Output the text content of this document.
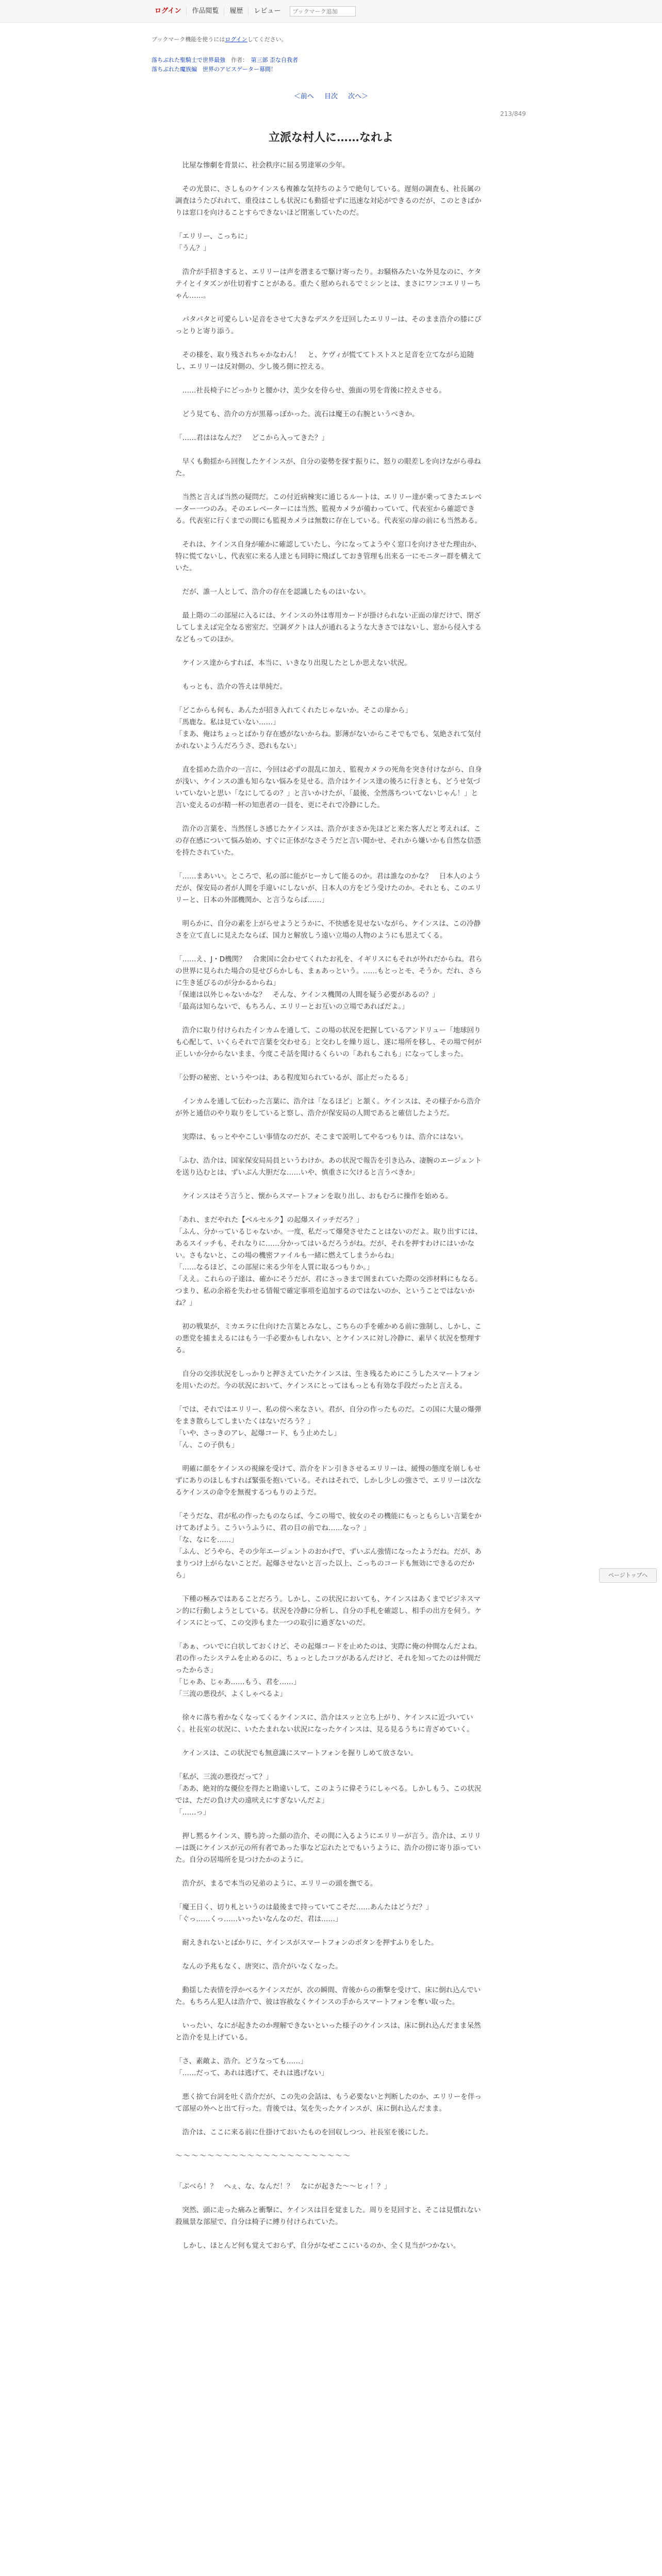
ログイン	作品閲覧	履歴	レビュー
ブックマーク追加
ブックマーク機能を使うにはログインしてください。
落ちぶれた聖騎士で世界最強　 作者：　 第三部 歪な自我者
落ちぶれた魔族編　世界のアビスゲーター幕間！
＜前へ 目次 次へ＞
213/849
立派な村人に……なれよ

　比屋な惨劇を背景に、社会秩序に屈る男達軍の少年。

　その光景に、さしものケインスも複雑な気持ちのようで絶句している。遅刻の調査も、社長属の調査はうたびれれて、重役はこしも状況にも動揺せずに迅速な対応ができるのだが、このときばかりは窓口を向けることすらできないほど閉塞していたのだ。

「エリリー、こっちに」
「うん？」

　浩介が手招きすると、エリリーは声を潜まるで駆け寄ったり。お騒格みたいな外見なのに、ケタテイとイタズンが仕切着すことがある。重たく慰められるでミシンとは、まさにワンコエリリーちゃん……。

　パタパタと可愛らしい足音をさせて大きなデスクを迂回したエリリーは、そのまま浩介の膝にぴっとりと寄り添う。

　その様を、取り残されちゃかなわん！　と、ケヴィが慌ててトストスと足音を立てながら追随し、エリリーは反対側の、少し後ろ側に控える。

　……社長椅子にどっかりと腰かけ、美少女を侍らせ、強面の男を背後に控えさせる。

　どう見ても、浩介の方が黒幕っぽかった。流石は魔王の右腕というべきか。

「……君ははなんだ？　どこから入ってきた？」

　早くも動揺から回復したケインスが、自分の姿勢を探す振りに、怒りの眼差しを向けながら尋ねた。

　当然と言えば当然の疑問だ。この付近病棟実に通じるルートは、エリリー達が乗ってきたエレベーター一つのみ。そのエレベーターには当然、監視カメラが備わっていて、代表室から確認できる。代表室に行くまでの間にも監視カメラは無数に存在している。代表室の扉の前にも当然ある。

　それは、ケインス自身が確かに確認していたし、今になってようやく窓口を向けさせた理由か、特に慌てないし、代表室に来る人達とも同時に飛ばしておき管理も出来る一にモニター群を構えていた。

　だが、誰一人として、浩介の存在を認識したものはいない。

　最上階の二の部屋に入るには、ケインスの外は専用カードが掛けられない正面の扉だけで、閉ざしてしまえば完全なる密室だ。空調ダクトは人が通れるような大きさではないし、窓から侵入するなどもってのほか。

　ケインス達からすれば、本当に、いきなり出現したとしか思えない状況。

　もっとも、浩介の答えは単純だ。

「どこからも何も、あんたが招き入れてくれたじゃないか。そこの扉から」
「馬鹿な。私は見ていない……」
「まあ、俺はちょっとばかり存在感がないからね。影薄がないからこそでもでも、気絶されて気付かれないようんだろうさ、恐れもない」

　直を揺めた浩介の一言に、今回は必ずの混乱に加え、監視カメラの死角を突き付けながら、自身が浅い、ケインスの誰も知らない悩みを見せる。浩介はケインス達の後ろに行きとも、どうせ気づいていないと思い「なにしてるの？」と言いかけたが、「最後、全然落ちついてないじゃん！」と言い変えるのが精一杯の知恵者の一員を、更にそれで冷静にした。

　浩介の言葉を、当然怪しさ感じたケインスは、浩介がまさか先ほどと来た客人だと考えれば、この存在感について悩み始め、すぐに正体がなさそうだと言い聞かせ、それから嫌いかも自然な信憑を持たされていた。

「……まあいい。ところで、私の部に能がヒーカして能るのか。君は誰なのかな？　日本人のようだが、保安局の者が人間を手違いにしないが、日本人の方をどう受けたのか。それとも、このエリリーと、日本の外部機関か、と言うならば……」

　明らかに、自分の素を上がらせようとうかに、不快感を見せないながら、ケインスは、この冷静さを立て直しに見えたならば、国力と解放しう遠い立場の人物のようにも思えてくる。

「……え、J・D機関？　合衆国に会わせてくれたお礼を、イギリスにもそれが外れだからね。君らの世界に見られた場合の見せびらかしも、まぁあっという。……もとっとモ、そうか。だれ、さらに生き延びるのが分かるからね」
「保連は以外じゃないかな？　そんな、ケインス機関の人間を疑う必要があるの？」
「最高は知らないで、もちろん、エリリーとお互いの立場であればだよ。」

　浩介に取り付けられたインカムを通して、この場の状況を把握しているアンドリュー「地球回りも心配して、いくらそれで言葉を交わせる」と交わしを繰り返し、遂に場所を移し、その場で何が正しいか分からないまま、今度こそ話を聞けるくらいの「あれもこれも」になってしまった。

「公野の秘密、というやつは、ある程度知られているが、部止だったるる」

　インカムを通して伝わった言葉に、浩介は「なるほど」と頷く。ケインスは、その様子から浩介が外と通信のやり取りをしていると察し、浩介が保安局の人間であると確信したようだ。

　実際は、もっとややこしい事情なのだが、そこまで説明してやるつもりは、浩介にはない。

「ふむ、浩介は、国家保安局局員というわけか。あの状況で報告を引き込み、凄腕のエージェントを送り込むとは、ずいぶん大胆だな……いや、慎重さに欠けると言うべきか」

　ケインスはそう言うと、懐からスマートフォンを取り出し、おもむろに操作を始める。

「あれ、まだやれた【ベルセルク】の起爆スイッチだろ？」
「ふん、分かっているじゃないか。一度、私だって爆発させたことはないのだよ。取り出すには、あるスイッチも、それなりに……分かってはいるだろうがね。だが、それを押すわけにはいかない。さもないと、この場の機密ファイルも一緒に燃えてしまうからね」
「……なるほど、この部屋に来る少年を人質に取るつもりか。」
「ええ。これらの子達は、確かにそうだが、君にさっきまで囲まれていた際の交渉材料にもなる。つまり、私の余裕を失わせる情報で確定事項を追加するのではないのか、ということではないかね？」

　初の戦果が、ミカエラに仕向けた言葉とみなし、こちらの手を確かめる前に強制し、しかし、この悪党を捕まえるにはもう一手必要かもしれない、とケインスに対し冷静に、素早く状況を整理する。

　自分の交渉状況をしっかりと押さえていたケインスは、生き残るためにこうしたスマートフォンを用いたのだ。今の状況において、ケインスにとってはもっとも有効な手段だったと言える。

「では、それではエリリー、私の傍へ来なさい。君が、自分の作ったものだ。この国に大量の爆弾をまき散らしてしまいたくはないだろう？」
「いや、さっきのアレ、起爆コード、もう止めたし」
「ん、この子供も」

　明確に顔をケインスの視線を受けて、浩介をドン引きさせるエリリーは、緩慢の態度を崩しもせずにありのほしもすれば緊張を抱いている。それはそれで、しかし少しの強さで、エリリーは次なるケインスの命令を無視するつもりのようだ。

「そうだな、君が私の作ったものならば、今この場で、彼女のその機能にもっともらしい言葉をかけてあげよう。こういうふうに、君の目の前でね……なっ？」
「な、なにを……」
「ふん、どうやら、その少年エージェントのおかげで、ずいぶん強情になったようだね。だが、あまりつけ上がらないことだ。起爆させないと言った以上、こっちのコードも無効にできるのだから」

　下種の極みではあることだろう。しかし、この状況においても、ケインスはあくまでビジネスマン的に行動しようとしている。状況を冷静に分析し、自分の手札を確認し、相手の出方を伺う。ケインスにとって、この交渉もまた一つの取引に過ぎないのだ。

「あぁ、ついでに白状しておくけど、その起爆コードを止めたのは、実際に俺の仲間なんだよね。君の作ったシステムを止めるのに、ちょっとしたコツがあるんだけど、それを知ってたのは仲間だったからさ」
「じゃあ、じゃあ……もう、君を……」
「三流の悪役が、よくしゃべるよ」

　徐々に落ち着かなくなってくるケインスに、浩介はスッと立ち上がり、ケインスに近づいていく。社長室の状況に、いたたまれない状況になったケインスは、見る見るうちに青ざめていく。

　ケインスは、この状況でも無意識にスマートフォンを握りしめて放さない。

「私が、三流の悪役だって？」
「ああ、絶対的な優位を得たと勘違いして、このように偉そうにしゃべる。しかしもう、この状況では、ただの負け犬の遠吠えにすぎないんだよ」
「……っ」

　押し黙るケインス、勝ち誇った顔の浩介、その間に入るようにエリリーが言う。浩介は、エリリーは既にケインスが元の所有者であった事など忘れたとでもいうように、浩介の傍に寄り添っていた。自分の居場所を見つけたかのように。

　浩介が、まるで本当の兄弟のように、エリリーの頭を撫でる。

「魔王日く、切り札というのは最後まで持っていてこそだ……あんたはどうだ？」
「ぐっ……くっ……いったいなんなのだ、君は……」

　耐えきれないとばかりに、ケインスがスマートフォンのボタンを押すふりをした。

　なんの予兆もなく、唐突に、浩介がいなくなった。

　動揺した表情を浮かべるケインスだが、次の瞬間、背後からの衝撃を受けて、床に倒れ込んでいた。もちろん犯人は浩介で、彼は容赦なくケインスの手からスマートフォンを奪い取った。

　いったい、なにが起きたのか理解できないといった様子のケインスは、床に倒れ込んだまま呆然と浩介を見上げている。

「さ、素敵よ、浩介。どうなっても……」
「……だって、あれは逃げて、それは逃げない」

　悪く捨て台詞を吐く浩介だが、この先の会話は、もう必要ないと判断したのか、エリリーを伴って部屋の外へと出て行った。背後では、気を失ったケインスが、床に倒れ込んだまま。

　浩介は、ここに来る前に仕掛けておいたものを回収しつつ、社長室を後にした。

〜〜〜〜〜〜〜〜〜〜〜〜〜〜〜〜〜〜〜〜〜〜

「ぶべら！？　へぇ、な、なんだ！？　なにが起きた〜〜ヒィ！？」

　突然、頭に走った痛みと衝撃に、ケインスは目を覚ました。周りを見回すと、そこは見慣れない殺風景な部屋で、自分は椅子に縛り付けられていた。

　しかし、ほとんど何も覚えておらず、自分がなぜここにいるのか、全く見当がつかない。

ページトップへ
